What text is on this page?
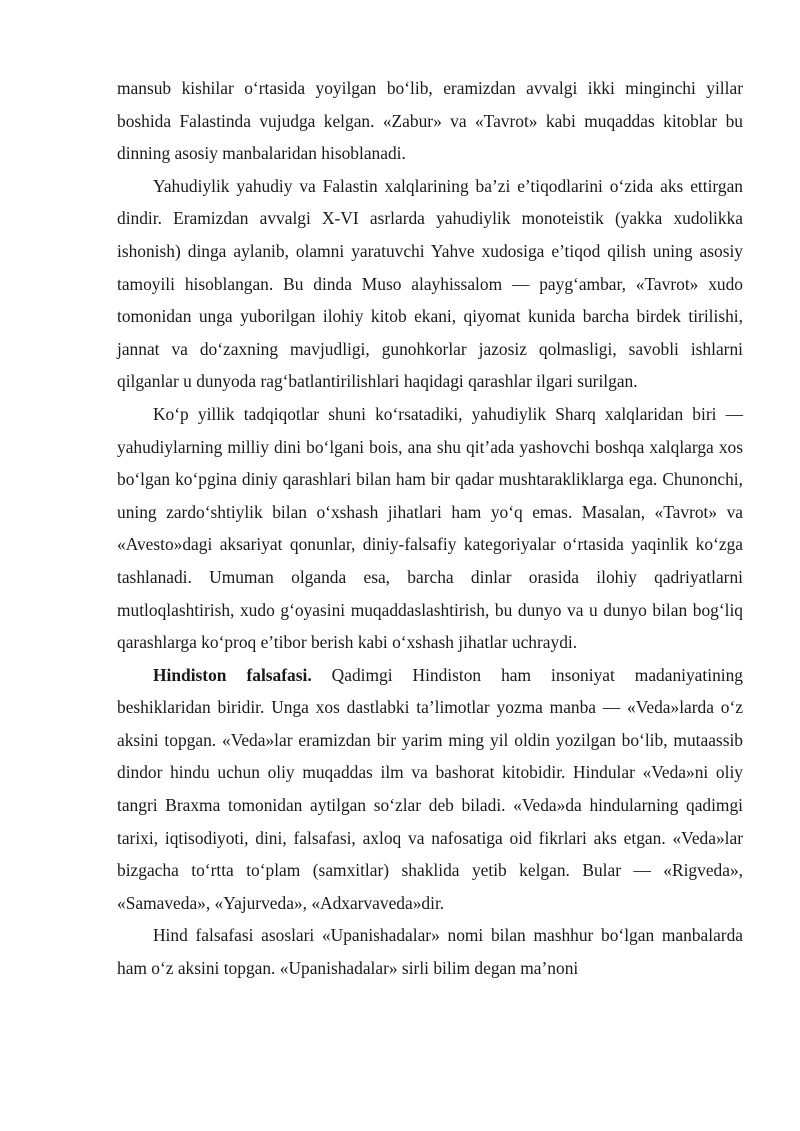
mansub kishilar o‘rtasida yoyilgan bo‘lib, eramizdan avvalgi ikki minginchi yillar boshida Falastinda vujudga kelgan. «Zabur» va «Tavrot» kabi muqaddas kitoblar bu dinning asosiy manbalaridan hisoblanadi.

Yahudiylik yahudiy va Falastin xalqlarining ba’zi e’tiqodlarini o‘zida aks ettirgan dindir. Eramizdan avvalgi X-VI asrlarda yahudiylik monoteistik (yakka xudolikka ishonish) dinga aylanib, olamni yaratuvchi Yahve xudosiga e’tiqod qilish uning asosiy tamoyili hisoblangan. Bu dinda Muso alayhissalom — payg‘ambar, «Tavrot» xudo tomonidan unga yuborilgan ilohiy kitob ekani, qiyomat kunida barcha birdek tirilishi, jannat va do‘zaxning mavjudligi, gunohkorlar jazosiz qolmasligi, savobli ishlarni qilganlar u dunyoda rag‘batlantirilishlari haqidagi qarashlar ilgari surilgan.

Ko‘p yillik tadqiqotlar shuni ko‘rsatadiki, yahudiylik Sharq xalqlaridan biri — yahudiylarning milliy dini bo‘lgani bois, ana shu qit’ada yashovchi boshqa xalqlarga xos bo‘lgan ko‘pgina diniy qarashlari bilan ham bir qadar mushtarakliklarga ega. Chunonchi, uning zardo‘shtiylik bilan o‘xshash jihatlari ham yo‘q emas. Masalan, «Tavrot» va «Avesto»dagi aksariyat qonunlar, diniy-falsafiy kategoriyalar o‘rtasida yaqinlik ko‘zga tashlanadi. Umuman olganda esa, barcha dinlar orasida ilohiy qadriyatlarni mutloqlashtirish, xudo g‘oyasini muqaddaslashtirish, bu dunyo va u dunyo bilan bog‘liq qarashlarga ko‘proq e’tibor berish kabi o‘xshash jihatlar uchraydi.

Hindiston falsafasi. Qadimgi Hindiston ham insoniyat madaniyatining beshiklaridan biridir. Unga xos dastlabki ta’limotlar yozma manba — «Veda»larda o‘z aksini topgan. «Veda»lar eramizdan bir yarim ming yil oldin yozilgan bo‘lib, mutaassib dindor hindu uchun oliy muqaddas ilm va bashorat kitobidir. Hindular «Veda»ni oliy tangri Braxma tomonidan aytilgan so‘zlar deb biladi. «Veda»da hindularning qadimgi tarixi, iqtisodiyoti, dini, falsafasi, axloq va nafosatiga oid fikrlari aks etgan. «Veda»lar bizgacha to‘rtta to‘plam (samxitlar) shaklida yetib kelgan. Bular — «Rigveda», «Samaveda», «Yajurveda», «Adxarvaveda»dir.

Hind falsafasi asoslari «Upanishadalar» nomi bilan mashhur bo‘lgan manbalarda ham o‘z aksini topgan. «Upanishadalar» sirli bilim degan ma’noni
